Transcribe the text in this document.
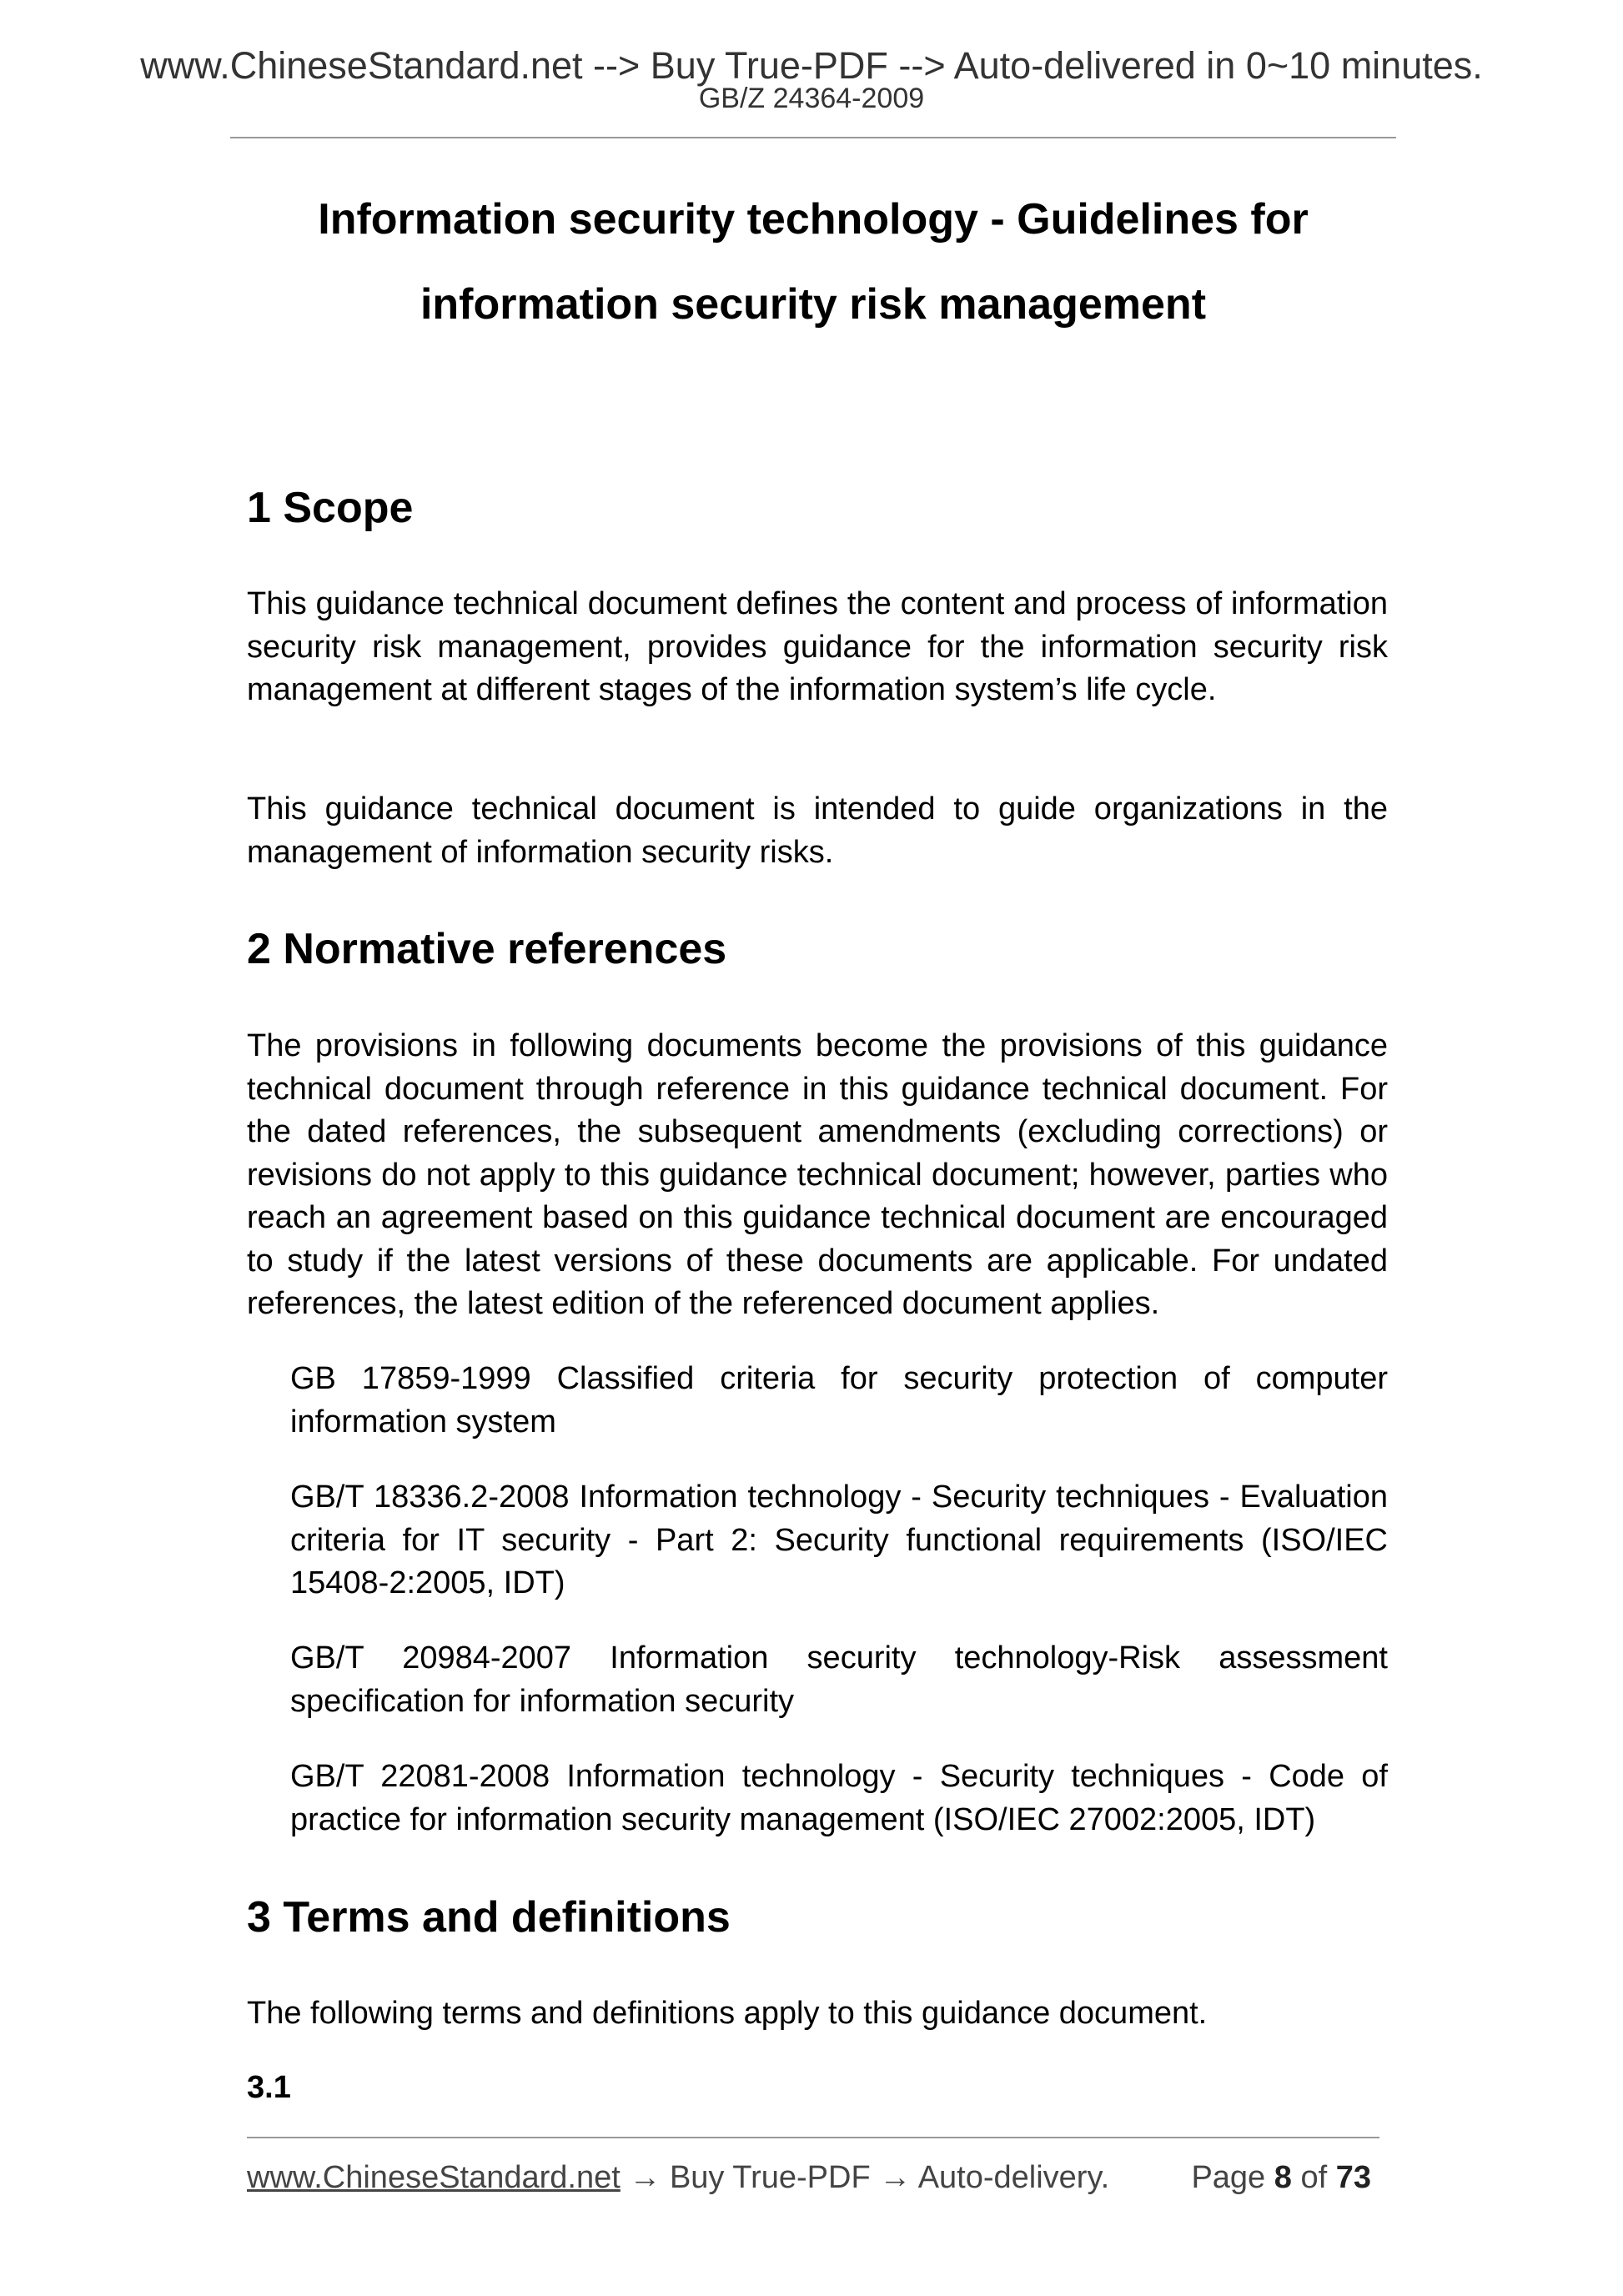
www.ChineseStandard.net --> Buy True-PDF --> Auto-delivered in 0~10 minutes.
GB/Z 24364-2009
Information security technology - Guidelines for
information security risk management
1 Scope

This guidance technical document defines the content and process of information security risk management, provides guidance for the information security risk management at different stages of the information system’s life cycle.

This guidance technical document is intended to guide organizations in the management of information security risks.

2 Normative references

The provisions in following documents become the provisions of this guidance technical document through reference in this guidance technical document. For the dated references, the subsequent amendments (excluding corrections) or revisions do not apply to this guidance technical document; however, parties who reach an agreement based on this guidance technical document are encouraged to study if the latest versions of these documents are applicable. For undated references, the latest edition of the referenced document applies.

GB 17859-1999 Classified criteria for security protection of computer information system

GB/T 18336.2-2008 Information technology - Security techniques - Evaluation criteria for IT security - Part 2: Security functional requirements (ISO/IEC 15408-2:2005, IDT)

GB/T 20984-2007 Information security technology-Risk assessment specification for information security

GB/T 22081-2008 Information technology - Security techniques - Code of practice for information security management (ISO/IEC 27002:2005, IDT)

3 Terms and definitions

The following terms and definitions apply to this guidance document.

3.1
www.ChineseStandard.net → Buy True-PDF → Auto-delivery.	Page 8 of 73
